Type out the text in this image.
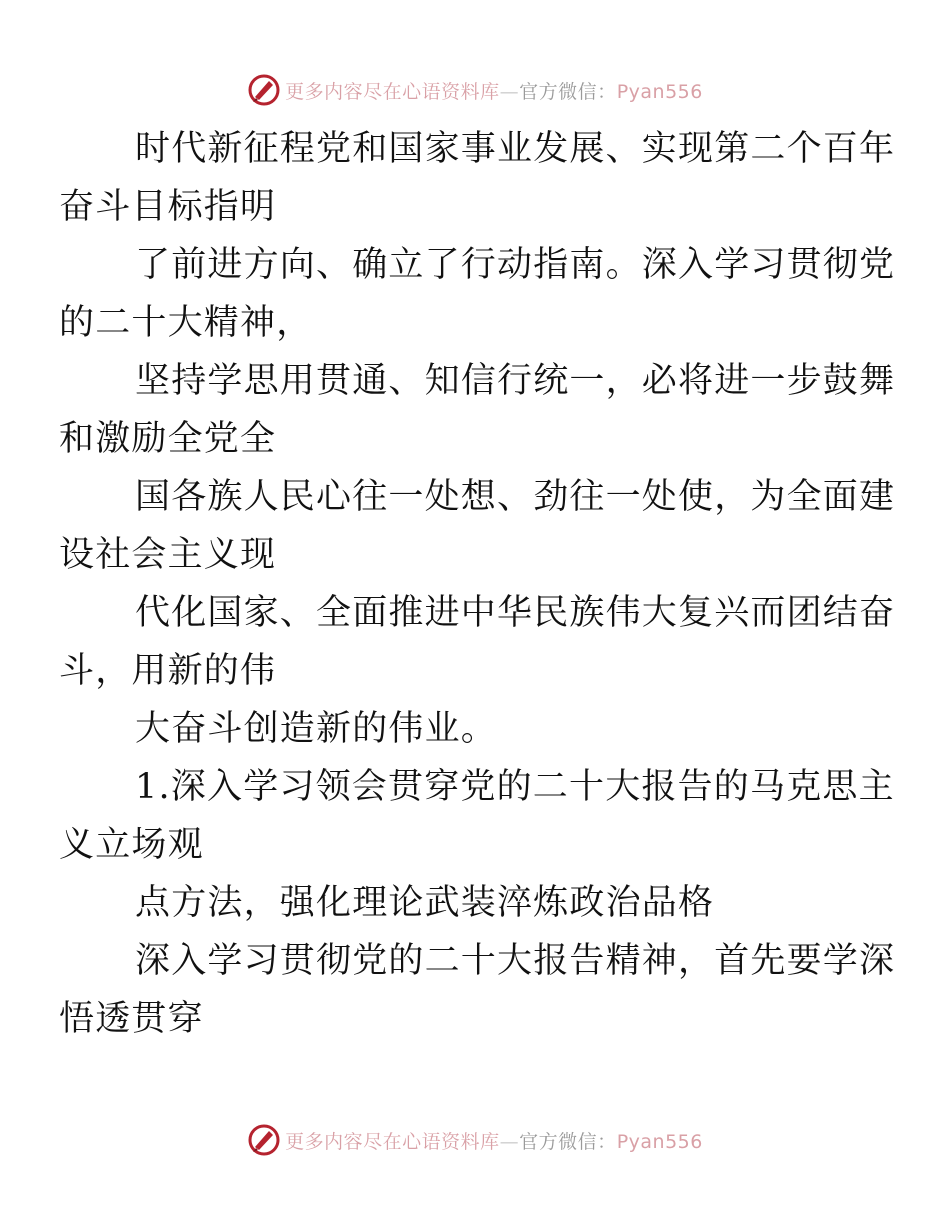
更多内容尽在心语资料库—官方微信：Pyan556

时代新征程党和国家事业发展、实现第二个百年
奋斗目标指明

了前进方向、确立了行动指南。深入学习贯彻党
的二十大精神，

坚持学思用贯通、知信行统一，必将进一步鼓舞
和激励全党全

国各族人民心往一处想、劲往一处使，为全面建
设社会主义现

代化国家、全面推进中华民族伟大复兴而团结奋
斗，用新的伟

大奋斗创造新的伟业。

1.深入学习领会贯穿党的二十大报告的马克思主
义立场观

点方法，强化理论武装淬炼政治品格

深入学习贯彻党的二十大报告精神，首先要学深
悟透贯穿

更多内容尽在心语资料库—官方微信：Pyan556
